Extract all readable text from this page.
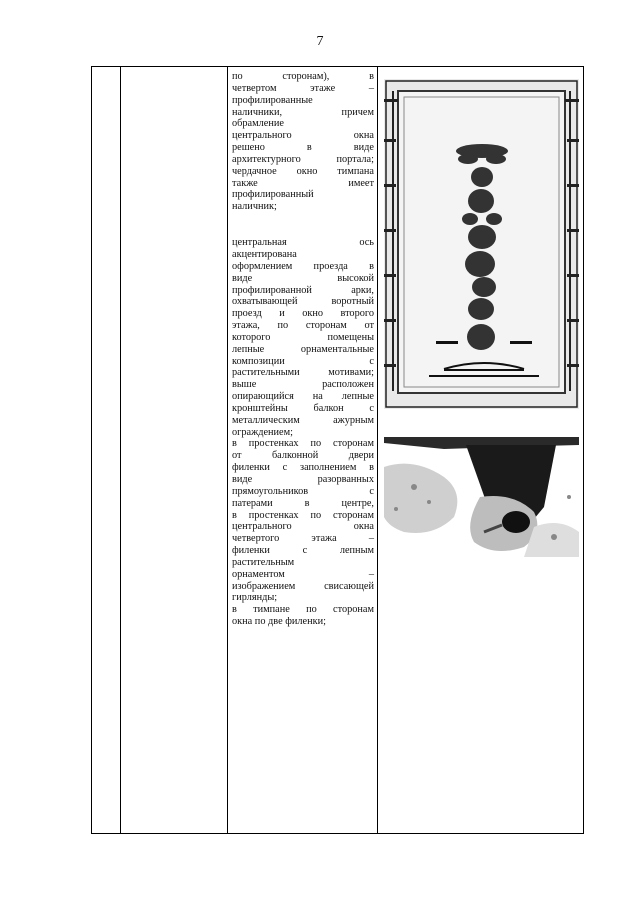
7

по сторонам), в

четвертом этаже –

профилированные

наличники, причем

обрамление

центрального окна

решено в виде

архитектурного портала;

чердачное окно тимпана

также имеет

профилированный

наличник;

центральная ось

акцентирована

оформлением проезда в

виде высокой

профилированной арки,

охватывающей воротный

проезд и окно второго

этажа, по сторонам от

которого помещены

лепные орнаментальные

композиции с

растительными мотивами;

выше расположен

опирающийся на лепные

кронштейны балкон с

металлическим ажурным

ограждением;

в простенках по сторонам

от балконной двери

филенки с заполнением в

виде разорванных

прямоугольников с

патерами в центре,

в простенках по сторонам

центрального окна

четвертого этажа –

филенки с лепным

растительным

орнаментом –

изображением свисающей

гирлянды;

в тимпане по сторонам

окна по две филенки;
